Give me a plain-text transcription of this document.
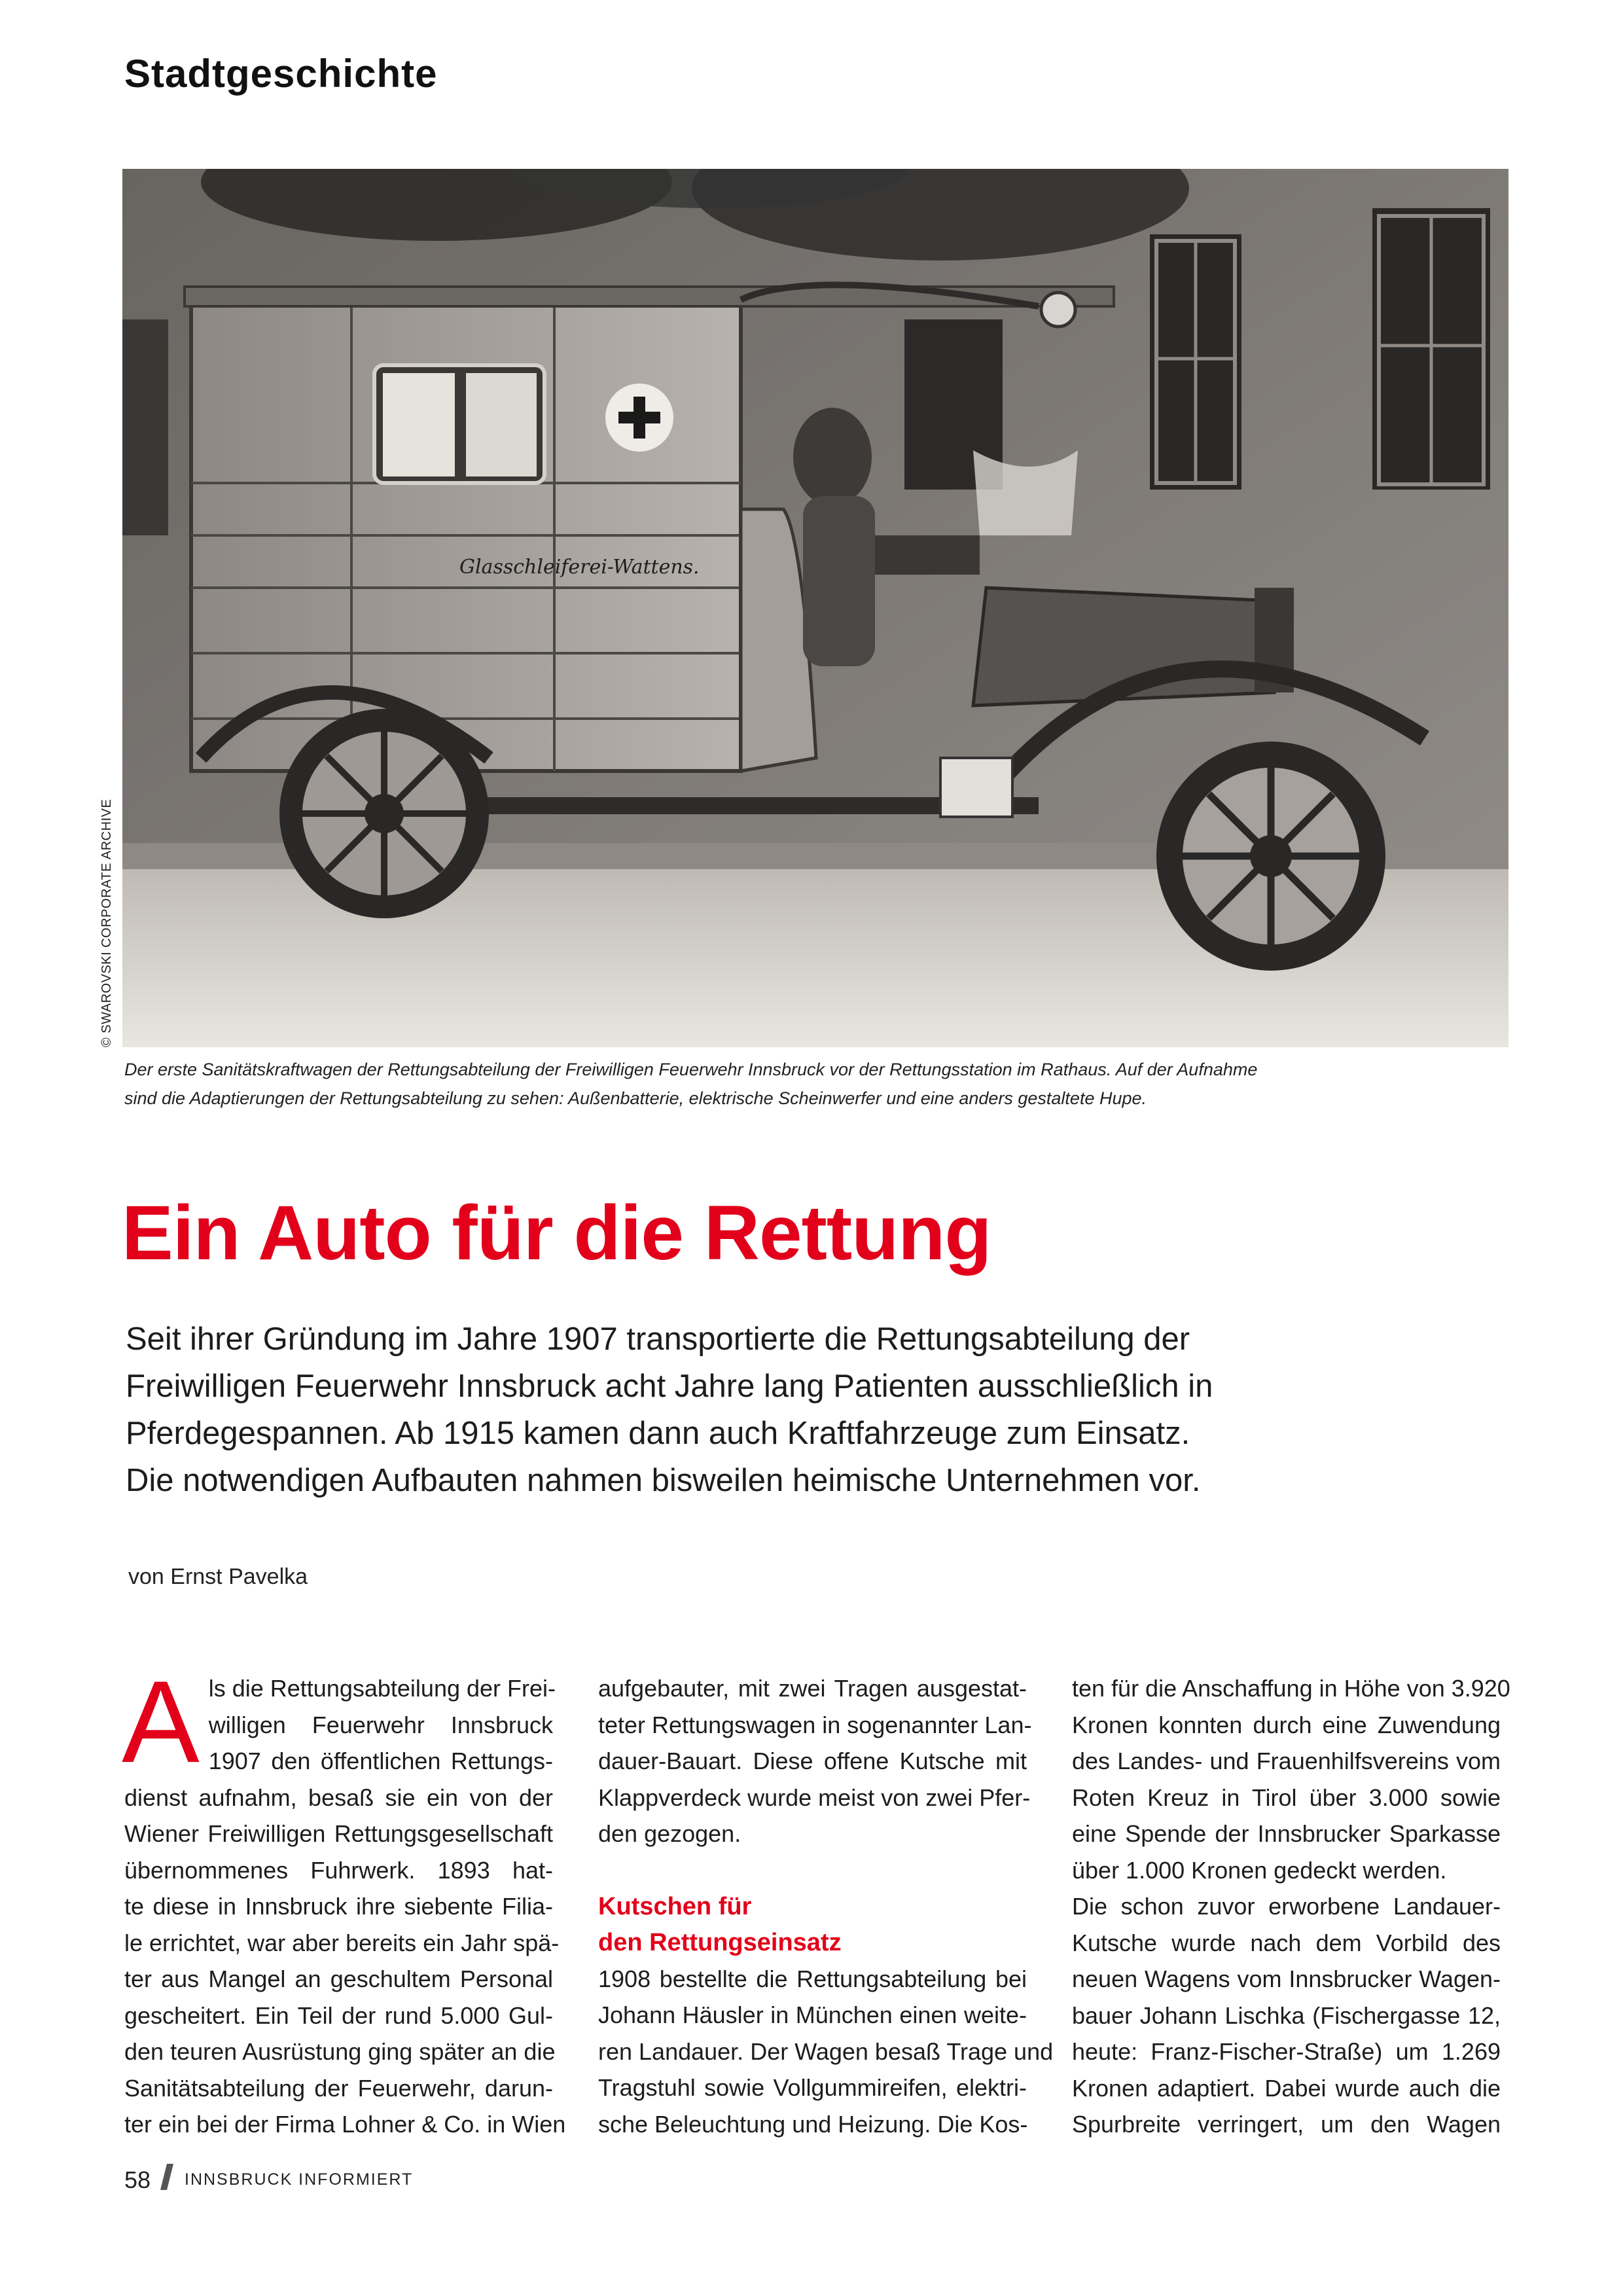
Stadtgeschichte
Glasschleiferei-Wattens.
© SWAROVSKI CORPORATE ARCHIVE
Der erste Sanitätskraftwagen der Rettungsabteilung der Freiwilligen Feuerwehr Innsbruck vor der Rettungsstation im Rathaus. Auf der Aufnahme
sind die Adaptierungen der Rettungsabteilung zu sehen: Außenbatterie, elektrische Scheinwerfer und eine anders gestaltete Hupe.
Ein Auto für die Rettung
Seit ihrer Gründung im Jahre 1907 transportierte die Rettungsabteilung der
Freiwilligen Feuerwehr Innsbruck acht Jahre lang Patienten ausschließlich in
Pferdegespannen. Ab 1915 kamen dann auch Kraftfahrzeuge zum Einsatz.
Die notwendigen Aufbauten nahmen bisweilen heimische Unternehmen vor.
von Ernst Pavelka
A ls die Rettungsabteilung der Frei-
willigen Feuerwehr Innsbruck
1907 den öffentlichen Rettungs-
dienst aufnahm, besaß sie ein von der
Wiener Freiwilligen Rettungsgesellschaft
übernommenes Fuhrwerk. 1893 hat-
te diese in Innsbruck ihre siebente Filia-
le errichtet, war aber bereits ein Jahr spä-
ter aus Mangel an geschultem Personal
gescheitert. Ein Teil der rund 5.000 Gul-
den teuren Ausrüstung ging später an die
Sanitätsabteilung der Feuerwehr, darun-
ter ein bei der Firma Lohner & Co. in Wien
aufgebauter, mit zwei Tragen ausgestat-
teter Rettungswagen in sogenannter Lan-
dauer-Bauart. Diese offene Kutsche mit
Klappverdeck wurde meist von zwei Pfer-
den gezogen.
Kutschen für
den Rettungseinsatz
1908 bestellte die Rettungsabteilung bei
Johann Häusler in München einen weite-
ren Landauer. Der Wagen besaß Trage und
Tragstuhl sowie Vollgummireifen, elektri-
sche Beleuchtung und Heizung. Die Kos-
ten für die Anschaffung in Höhe von 3.920
Kronen konnten durch eine Zuwendung
des Landes- und Frauenhilfsvereins vom
Roten Kreuz in Tirol über 3.000 sowie
eine Spende der Innsbrucker Sparkasse
über 1.000 Kronen gedeckt werden.
Die schon zuvor erworbene Landauer-
Kutsche wurde nach dem Vorbild des
neuen Wagens vom Innsbrucker Wagen-
bauer Johann Lischka (Fischergasse 12,
heute: Franz-Fischer-Straße) um 1.269
Kronen adaptiert. Dabei wurde auch die
Spurbreite verringert, um den Wagen
58 INNSBRUCK INFORMIERT
